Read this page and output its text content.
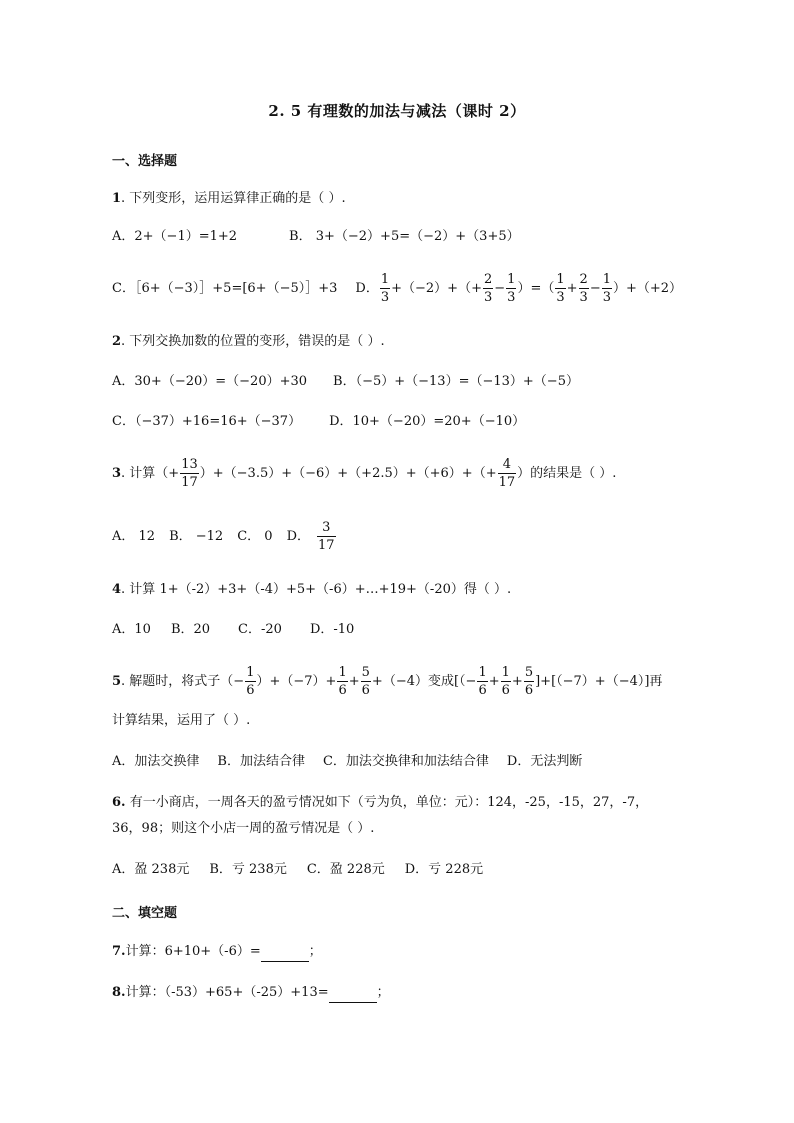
2. 5 有理数的加法与减法（课时 2）
一、选择题
1. 下列变形，运用运算律正确的是（ ）.
A．2+（−1）=1+2	B． 3+（−2）+5=（−2）+（3+5）
C．［6+（−3）］+5=[6+（−5）］+3 D． $\frac{1}{3} +(-2)+(+ \frac{2}{3} - \frac{1}{3}$ ）=（ $\frac{1}{3} + \frac{2}{3} - \frac{1}{3} )+(+2)$
2. 下列交换加数的位置的变形，错误的是（ ）.
A．30+（−20）=（−20）+30 B．（−5）+（−13）=（−13）+（−5）
C．（−37）+16=16+（−37） D．10+（−20）=20+（−10）
3. 计算（+ $\frac{13}{17} )+(-3.5)+(-6)+(+2.5)+(+6)+(+ \frac{4}{17}$ ）的结果是（ ）.
A． 12 B． −12 C． 0 D． $\frac{3}{17}$
4. 计算 1+（-2）+3+（-4）+5+（-6）+…+19+（-20）得（ ）.
A．10 B．20 C．-20 D．-10
5. 解题时，将式子（− $\frac{1}{6} )+(-7)+ \frac{1}{6} + \frac{5}{6} +(-4)$变成[（− $\frac{1}{6} + \frac{1}{6} + \frac{5}{6} ]+[(-7)+(-4)]$再
计算结果，运用了（ ）.
A．加法交换律 B．加法结合律 C．加法交换律和加法结合律 D．无法判断
6. 有一小商店，一周各天的盈亏情况如下（亏为负，单位：元）：124，-25，-15，27，-7，
36，98；则这个小店一周的盈亏情况是（ ）.
A．盈 238元 B．亏 238元 C．盈 228元 D．亏 228元
二、填空题
7.计算：6+10+（-6）=	；
8.计算：（-53）+65+（-25）+13=	；
